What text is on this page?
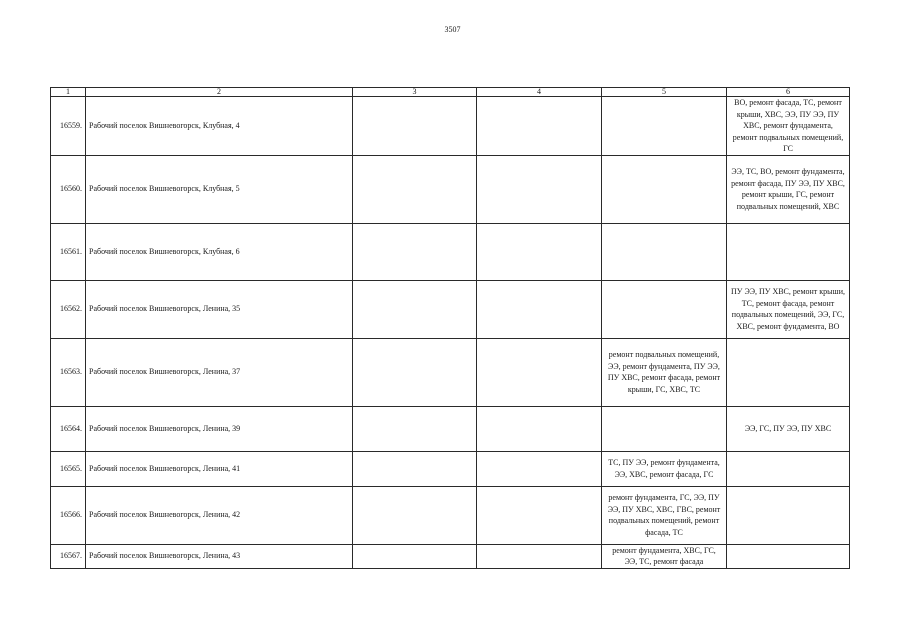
3507
1	2	3	4	5	6
16559.	Рабочий поселок Вишневогорск, Клубная, 4				ВО, ремонт фасада, ТС, ремонт крыши, ХВС, ЭЭ, ПУ ЭЭ, ПУ ХВС, ремонт фундамента, ремонт подвальных помещений, ГС
16560.	Рабочий поселок Вишневогорск, Клубная, 5				ЭЭ, ТС, ВО, ремонт фундамента, ремонт фасада, ПУ ЭЭ, ПУ ХВС, ремонт крыши, ГС, ремонт подвальных помещений, ХВС
16561.	Рабочий поселок Вишневогорск, Клубная, 6				
16562.	Рабочий поселок Вишневогорск, Ленина, 35				ПУ ЭЭ, ПУ ХВС, ремонт крыши, ТС, ремонт фасада, ремонт подвальных помещений, ЭЭ, ГС, ХВС, ремонт фундамента, ВО
16563.	Рабочий поселок Вишневогорск, Ленина, 37			ремонт подвальных помещений, ЭЭ, ремонт фундамента, ПУ ЭЭ, ПУ ХВС, ремонт фасада, ремонт крыши, ГС, ХВС, ТС	
16564.	Рабочий поселок Вишневогорск, Ленина, 39				ЭЭ, ГС, ПУ ЭЭ, ПУ ХВС
16565.	Рабочий поселок Вишневогорск, Ленина, 41			ТС, ПУ ЭЭ, ремонт фундамента, ЭЭ, ХВС, ремонт фасада, ГС	
16566.	Рабочий поселок Вишневогорск, Ленина, 42			ремонт фундамента, ГС, ЭЭ, ПУ ЭЭ, ПУ ХВС, ХВС, ГВС, ремонт подвальных помещений, ремонт фасада, ТС	
16567.	Рабочий поселок Вишневогорск, Ленина, 43			ремонт фундамента, ХВС, ГС, ЭЭ, ТС, ремонт фасада	
